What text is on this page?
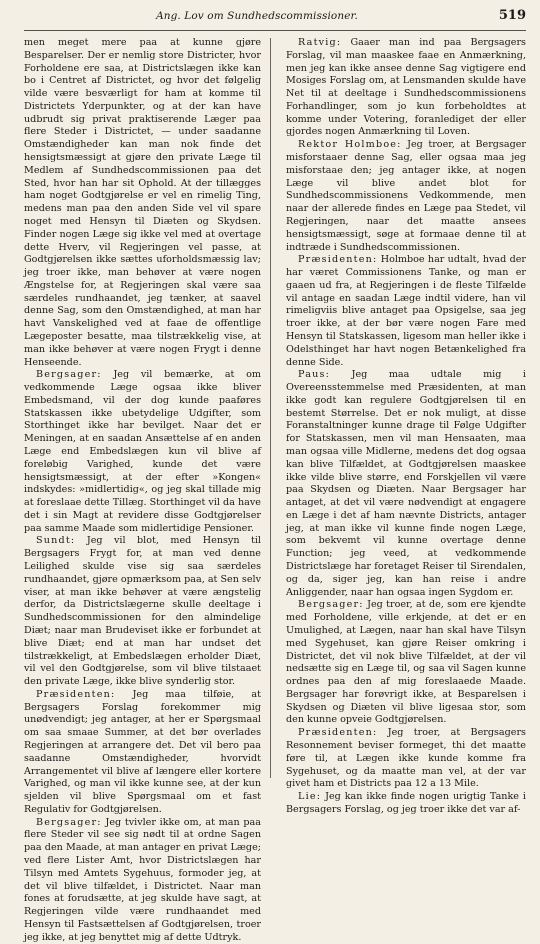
Ang. Lov om Sundhedscommissioner.	519

men meget mere paa at kunne gjøre Besparelser. Der er nemlig store Districter, hvor Forholdene ere saa, at Districtslægen ikke kan bo i Centret af Districtet, og hvor det følgelig vilde være besværligt for ham at komme til Districtets Yderpunkter, og at der kan have udbrudt sig privat praktiserende Læger paa flere Steder i Districtet, — under saadanne Omstændigheder kan man nok finde det hensigtsmæssigt at gjøre den private Læge til Medlem af Sundhedscommissionen paa det Sted, hvor han har sit Ophold. At der tillægges ham noget Godtgjørelse er vel en rimelig Ting, medens man paa den anden Side vel vil spare noget med Hensyn til Diæten og Skydsen. Finder nogen Læge sig ikke vel med at overtage dette Hverv, vil Regjeringen vel passe, at Godtgjørelsen ikke sættes uforholdsmæssig lav; jeg troer ikke, man behøver at være nogen Ængstelse for, at Regjeringen skal være saa særdeles rundhaandet, jeg tænker, at saavel denne Sag, som den Omstændighed, at man har havt Vanskelighed ved at faae de offentlige Lægeposter besatte, maa tilstrækkelig vise, at man ikke behøver at være nogen Frygt i denne Henseende.

Bergsager: Jeg vil bemærke, at om vedkommende Læge ogsaa ikke bliver Embedsmand, vil der dog kunde paaføres Statskassen ikke ubetydelige Udgifter, som Storthinget ikke har bevilget. Naar det er Meningen, at en saadan Ansættelse af en anden Læge end Embedslægen kun vil blive af foreløbig Varighed, kunde det være hensigtsmæssigt, at der efter »Kongen« indskydes: »midlertidig«, og jeg skal tillade mig at foreslaae dette Tillæg. Storthinget vil da have det i sin Magt at revidere disse Godtgjørelser paa samme Maade som midlertidige Pensioner.

Sundt: Jeg vil blot, med Hensyn til Bergsagers Frygt for, at man ved denne Leilighed skulde vise sig saa særdeles rundhaandet, gjøre opmærksom paa, at Sen selv viser, at man ikke behøver at være ængstelig derfor, da Districtslægerne skulle deeltage i Sundhedscommissionen for den almindelige Diæt; naar man Brudeviset ikke er forbundet at blive Diæt; end at man har undset det tilstrækkeligt, at Embedslægen erholder Diæt, vil vel den Godtgjørelse, som vil blive tilstaaet den private Læge, ikke blive synderlig stor.

Præsidenten: Jeg maa tilføie, at Bergsagers Forslag forekommer mig unødvendigt; jeg antager, at her er Spørgsmaal om saa smaae Summer, at det bør overlades Regjeringen at arrangere det. Det vil bero paa saadanne Omstændigheder, hvorvidt Arrangementet vil blive af længere eller kortere Varighed, og man vil ikke kunne see, at der kun sjelden vil blive Spørgsmaal om et fast Regulativ for Godtgjørelsen.

Bergsager: Jeg tvivler ikke om, at man paa flere Steder vil see sig nødt til at ordne Sagen paa den Maade, at man antager en privat Læge; ved flere Lister Amt, hvor Districtslægen har Tilsyn med Amtets Sygehuus, formoder jeg, at det vil blive tilfældet, i Districtet. Naar man fones at forudsætte, at jeg skulde have sagt, at Regjeringen vilde være rundhaandet med Hensyn til Fastsættelsen af Godtgjørelsen, troer jeg ikke, at jeg benyttet mig af dette Udtryk.

Ratvig: Gaaer man ind paa Bergsagers Forslag, vil man maaskee faae en Anmærkning, men jeg kan ikke ansee denne Sag vigtigere end Mosiges Forslag om, at Lensmanden skulde have Net til at deeltage i Sundhedscommissionens Forhandlinger, som jo kun forbeholdtes at komme under Votering, foranlediget der eller gjordes nogen Anmærkning til Loven.

Rektor Holmboe: Jeg troer, at Bergsager misforstaaer denne Sag, eller ogsaa maa jeg misforstaae den; jeg antager ikke, at nogen Læge vil blive andet blot for Sundhedscommissionens Vedkommende, men naar der allerede findes en Læge paa Stedet, vil Regjeringen, naar det maatte ansees hensigtsmæssigt, søge at formaae denne til at indtræde i Sundhedscommissionen.

Præsidenten: Holmboe har udtalt, hvad der har været Commissionens Tanke, og man er gaaen ud fra, at Regjeringen i de fleste Tilfælde vil antage en saadan Læge indtil videre, han vil rimeligviis blive antaget paa Opsigelse, saa jeg troer ikke, at der bør være nogen Fare med Hensyn til Statskassen, ligesom man heller ikke i Odelsthinget har havt nogen Betænkelighed fra denne Side.

Paus: Jeg maa udtale mig i Overeensstemmelse med Præsidenten, at man ikke godt kan regulere Godtgjørelsen til en bestemt Størrelse. Det er nok muligt, at disse Foranstaltninger kunne drage til Følge Udgifter for Statskassen, men vil man Hensaaten, maa man ogsaa ville Midlerne, medens det dog ogsaa kan blive Tilfældet, at Godtgjørelsen maaskee ikke vilde blive større, end Forskjellen vil være paa Skydsen og Diæten. Naar Bergsager har antaget, at det vil være nødvendigt at engagere en Læge i det af ham nævnte Districts, antager jeg, at man ikke vil kunne finde nogen Læge, som bekvemt vil kunne overtage denne Function; jeg veed, at vedkommende Districtslæge har foretaget Reiser til Sirendalen, og da, siger jeg, kan han reise i andre Anliggender, naar han ogsaa ingen Sygdom er.

Bergsager: Jeg troer, at de, som ere kjendte med Forholdene, ville erkjende, at det er en Umulighed, at Lægen, naar han skal have Tilsyn med Sygehuset, kan gjøre Reiser omkring i Districtet, det vil nok blive Tilfældet, at der vil nedsætte sig en Læge til, og saa vil Sagen kunne ordnes paa den af mig foreslaaede Maade. Bergsager har forøvrigt ikke, at Besparelsen i Skydsen og Diæten vil blive ligesaa stor, som den kunne opveie Godtgjørelsen.

Præsidenten: Jeg troer, at Bergsagers Resonnement beviser formeget, thi det maatte føre til, at Lægen ikke kunde komme fra Sygehuset, og da maatte man vel, at der var givet ham et Districts paa 12 a 13 Mile.

Lie: Jeg kan ikke finde nogen urigtig Tanke i Bergsagers Forslag, og jeg troer ikke det var af-
